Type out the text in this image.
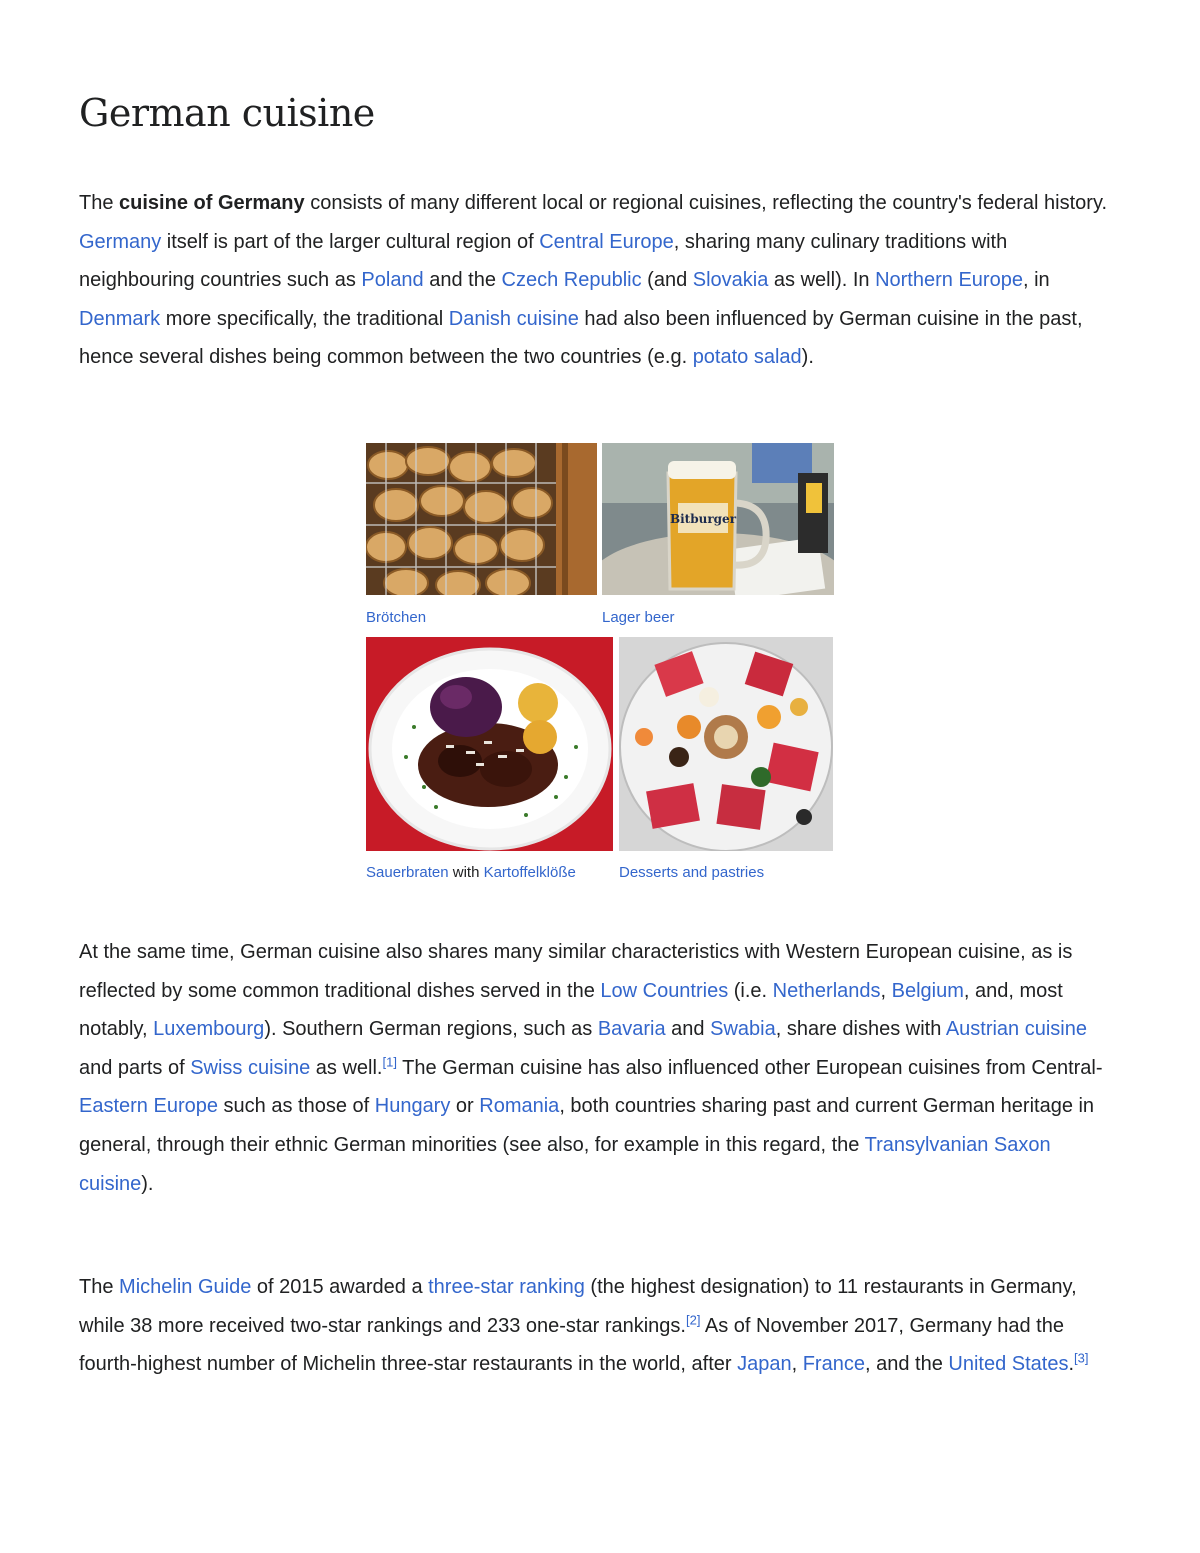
German cuisine

The cuisine of Germany consists of many different local or regional cuisines, reflecting the country's federal history. Germany itself is part of the larger cultural region of Central Europe, sharing many culinary traditions with neighbouring countries such as Poland and the Czech Republic (and Slovakia as well). In Northern Europe, in Denmark more specifically, the traditional Danish cuisine had also been influenced by German cuisine in the past, hence several dishes being common between the two countries (e.g. potato salad).

Bitburger
Brötchen	Lager beer
Sauerbraten with Kartoffelklöße	Desserts and pastries

At the same time, German cuisine also shares many similar characteristics with Western European cuisine, as is reflected by some common traditional dishes served in the Low Countries (i.e. Netherlands, Belgium, and, most notably, Luxembourg). Southern German regions, such as Bavaria and Swabia, share dishes with Austrian cuisine and parts of Swiss cuisine as well.[1] The German cuisine has also influenced other European cuisines from Central-Eastern Europe such as those of Hungary or Romania, both countries sharing past and current German heritage in general, through their ethnic German minorities (see also, for example in this regard, the Transylvanian Saxon cuisine).

The Michelin Guide of 2015 awarded a three-star ranking (the highest designation) to 11 restaurants in Germany, while 38 more received two-star rankings and 233 one-star rankings.[2] As of November 2017, Germany had the fourth-highest number of Michelin three-star restaurants in the world, after Japan, France, and the United States.[3]
